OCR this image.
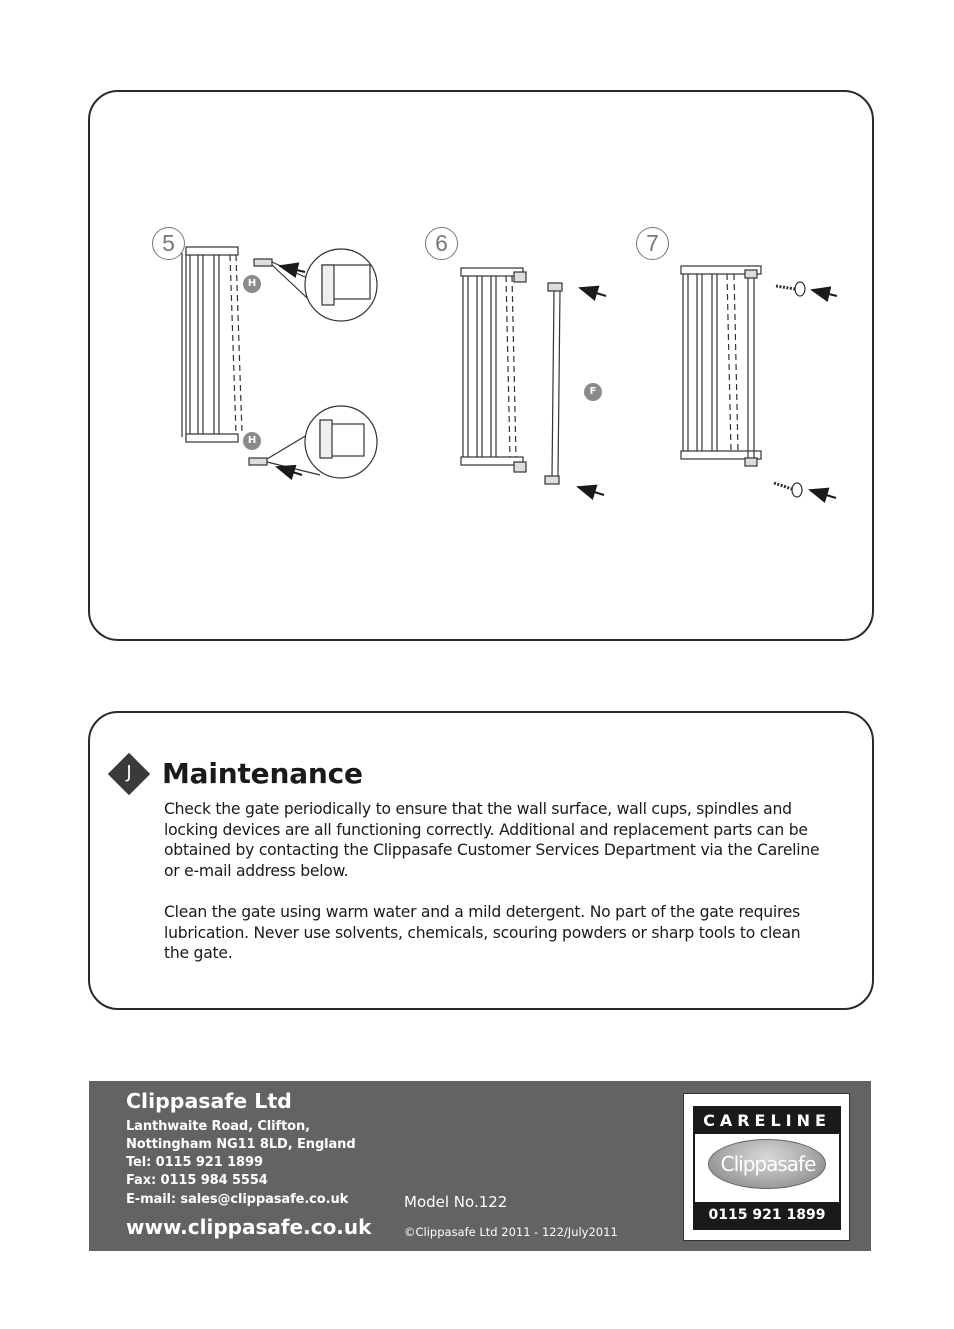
5	6	7
H
H
F
J	Maintenance

Check the gate periodically to ensure that the wall surface, wall cups, spindles and locking devices are all functioning correctly. Additional and replacement parts can be obtained by contacting the Clippasafe Customer Services Department via the Careline or e-mail address below.

Clean the gate using warm water and a mild detergent. No part of the gate requires lubrication. Never use solvents, chemicals, scouring powders or sharp tools to clean the gate.

Clippasafe Ltd
Lanthwaite Road, Clifton,
Nottingham NG11 8LD, England
Tel: 0115 921 1899
Fax: 0115 984 5554
E-mail: sales@clippasafe.co.uk
www.clippasafe.co.uk
Model No.122
©Clippasafe Ltd 2011 - 122/July2011
CARELINE
Clippasafe
0115 921 1899
